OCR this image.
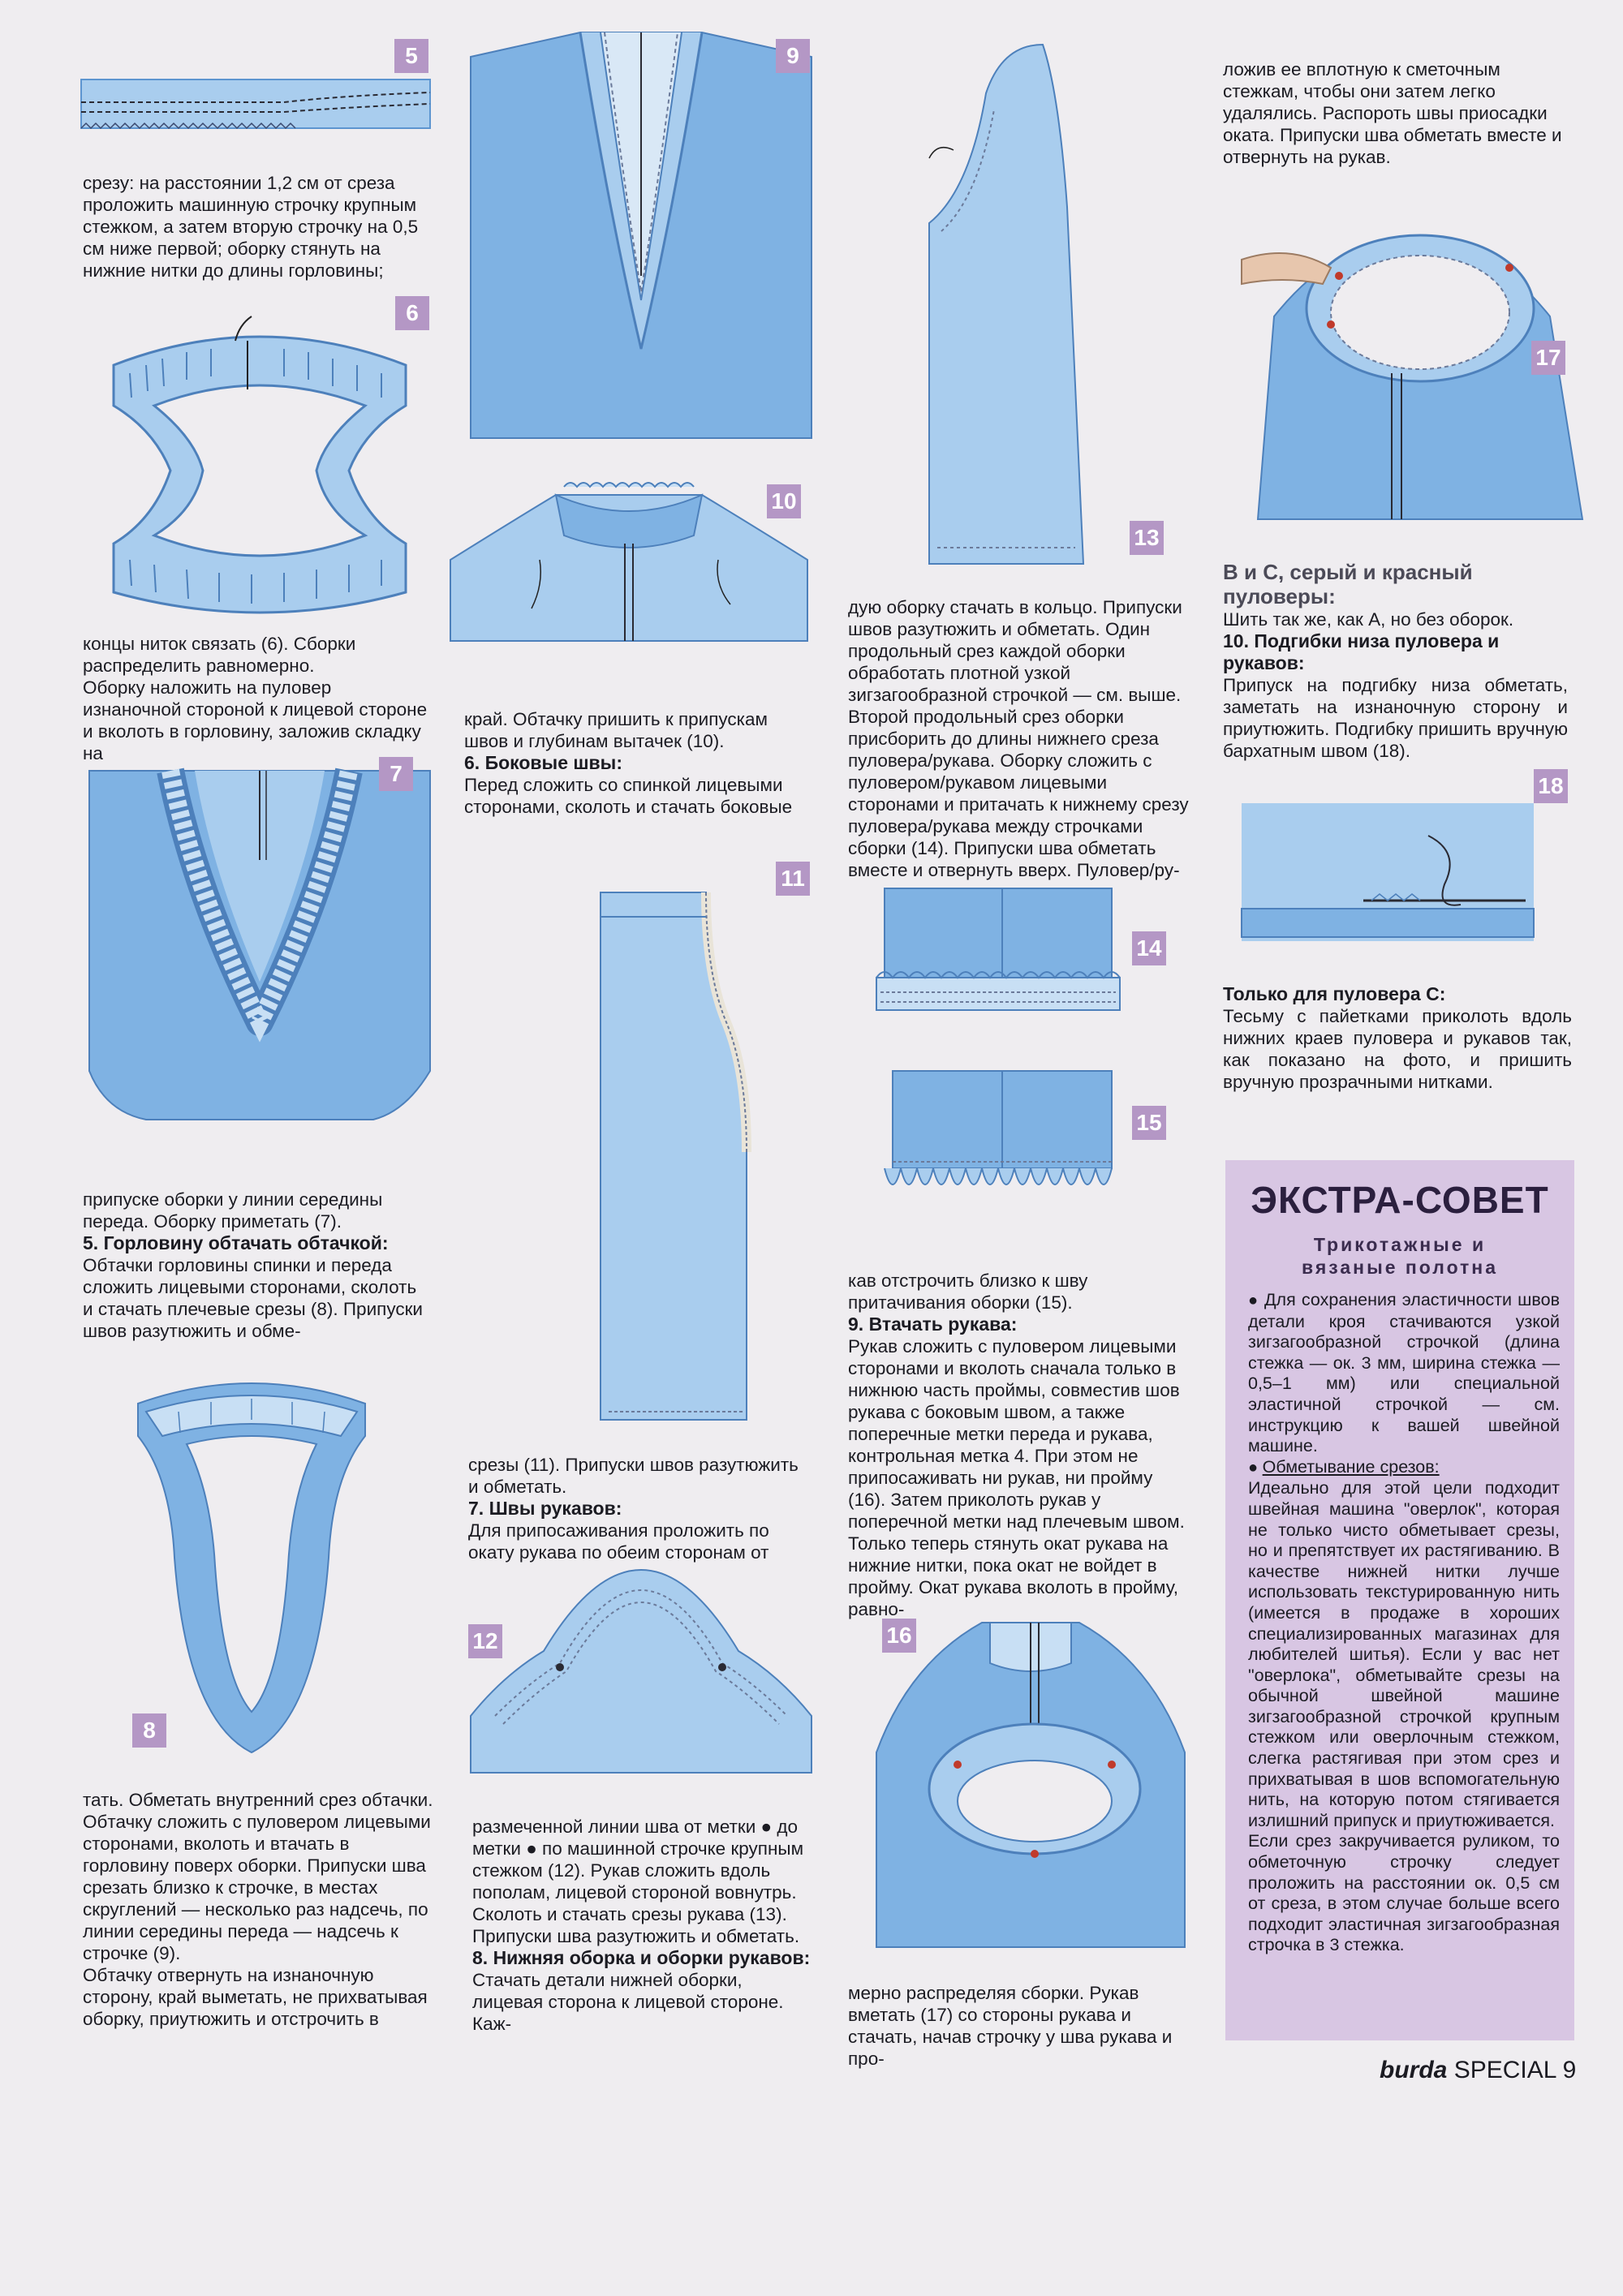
5
6
7
8
9
10
11
12
13
14
15
16
17
18

срезу: на расстоянии 1,2 см от среза проложить машинную строчку крупным стежком, а затем вторую строчку на 0,5 см ниже первой; оборку стянуть на нижние нитки до длины горловины;

концы ниток связать (6). Сборки распределить равномерно.

Оборку наложить на пуловер изнаночной стороной к лицевой стороне и вколоть в горловину, заложив складку на

припуске оборки у линии середины переда. Оборку приметать (7).

5. Горловину обтачать обтачкой:

Обтачки горловины спинки и переда сложить лицевыми сторонами, сколоть и стачать плечевые срезы (8). Припуски швов разутюжить и обме-

тать. Обметать внутренний срез обтачки.

Обтачку сложить с пуловером лицевыми сторонами, вколоть и втачать в горловину поверх оборки. Припуски шва срезать близко к строчке, в местах скруглений — несколько раз надсечь, по линии середины переда — надсечь к строчке (9).

Обтачку отвернуть на изнаночную сторону, край выметать, не прихватывая оборку, приутюжить и отстрочить в

край. Обтачку пришить к припускам швов и глубинам вытачек (10).

6. Боковые швы:

Перед сложить со спинкой лицевыми сторонами, сколоть и стачать боковые

срезы (11). Припуски швов разутюжить и обметать.

7. Швы рукавов:

Для припосаживания проложить по окату рукава по обеим сторонам от

размеченной линии шва от метки ● до метки ● по машинной строчке крупным стежком (12). Рукав сложить вдоль пополам, лицевой стороной вовнутрь. Сколоть и стачать срезы рукава (13). Припуски шва разутюжить и обметать.

8. Нижняя оборка и оборки рукавов:

Стачать детали нижней оборки, лицевая сторона к лицевой стороне. Каж-

дую оборку стачать в кольцо. Припуски швов разутюжить и обметать. Один продольный срез каждой оборки обработать плотной узкой зигзагообразной строчкой — см. выше. Второй продольный срез оборки присборить до длины нижнего среза пуловера/рукава. Оборку сложить с пуловером/рукавом лицевыми сторонами и притачать к нижнему срезу пуловера/рукава между строчками сборки (14). Припуски шва обметать вместе и отвернуть вверх. Пуловер/ру-

кав отстрочить близко к шву притачивания оборки (15).

9. Втачать рукава:

Рукав сложить с пуловером лицевыми сторонами и вколоть сначала только в нижнюю часть проймы, совместив шов рукава с боковым швом, а также поперечные метки переда и рукава, контрольная метка 4. При этом не припосаживать ни рукав, ни пройму (16). Затем приколоть рукав у поперечной метки над плечевым швом. Только теперь стянуть окат рукава на нижние нитки, пока окат не войдет в пройму. Окат рукава вколоть в пройму, равно-

мерно распределяя сборки. Рукав вметать (17) со стороны рукава и стачать, начав строчку у шва рукава и про-

ложив ее вплотную к сметочным стежкам, чтобы они затем легко удалялись. Распороть швы приосадки оката. Припуски шва обметать вместе и отвернуть на рукав.

В и С, серый и красный пуловеры:

Шить так же, как А, но без оборок.

10. Подгибки низа пуловера и рукавов:

Припуск на подгибку низа обметать, заметать на изнаночную сторону и приутюжить. Подгибку пришить вручную бархатным швом (18).

Только для пуловера С:

Тесьму с пайетками приколоть вдоль нижних краев пуловера и рукавов так, как показано на фото, и пришить вручную прозрачными нитками.

ЭКСТРА-СОВЕТ
Трикотажные и
вязаные полотна

● Для сохранения эластичности швов детали кроя стачиваются узкой зигзагообразной строчкой (длина стежка — ок. 3 мм, ширина стежка — 0,5–1 мм) или специальной эластичной строчкой — см. инструкцию к вашей швейной машине.

● Обметывание срезов:

Идеально для этой цели подходит швейная машина "оверлок", которая не только чисто обметывает срезы, но и препятствует их растягиванию. В качестве нижней нитки лучше использовать текстурированную нить (имеется в продаже в хороших специализированных магазинах для любителей шитья). Если у вас нет "оверлока", обметывайте срезы на обычной швейной машине зигзагообразной строчкой крупным стежком или оверлочным стежком, слегка растягивая при этом срез и прихватывая в шов вспомогательную нить, на которую потом стягивается излишний припуск и приутюживается.

Если срез закручивается руликом, то обметочную строчку следует проложить на расстоянии ок. 0,5 см от среза, в этом случае больше всего подходит эластичная зигзагообразная строчка в 3 стежка.

burda SPECIAL 9
